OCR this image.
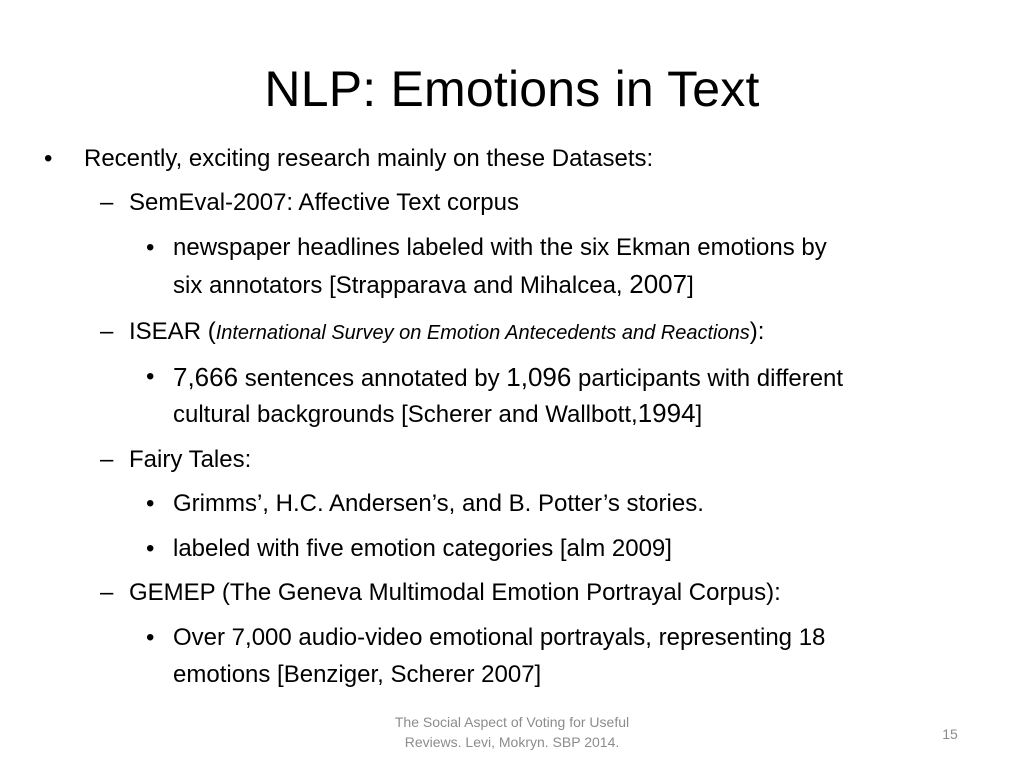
NLP: Emotions in Text
• Recently, exciting research mainly on these Datasets:
– SemEval-2007: Affective Text corpus
• newspaper headlines labeled with the six Ekman emotions by
six annotators [Strapparava and Mihalcea, 2007]
– ISEAR (International Survey on Emotion Antecedents and Reactions):
• 7,666 sentences annotated by 1,096 participants with different
cultural backgrounds [Scherer and Wallbott,1994]
– Fairy Tales:
• Grimms’, H.C. Andersen’s, and B. Potter’s stories.
• labeled with five emotion categories [alm 2009]
– GEMEP (The Geneva Multimodal Emotion Portrayal Corpus):
• Over 7,000 audio-video emotional portrayals, representing 18
emotions [Benziger, Scherer 2007]
The Social Aspect of Voting for Useful
Reviews. Levi, Mokryn. SBP 2014.
15
